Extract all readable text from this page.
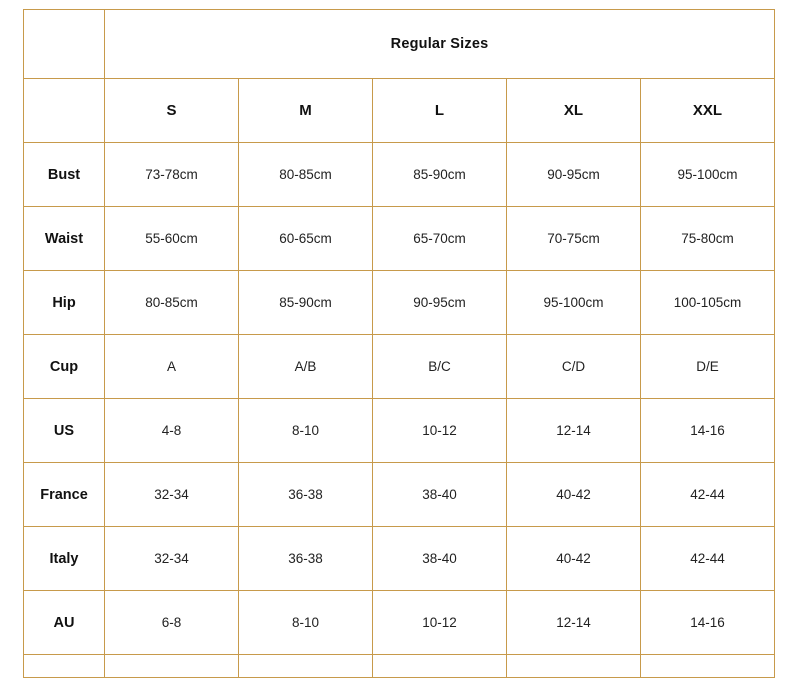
	Regular Sizes				
	S	M	L	XL	XXL
Bust	73-78cm	80-85cm	85-90cm	90-95cm	95-100cm
Waist	55-60cm	60-65cm	65-70cm	70-75cm	75-80cm
Hip	80-85cm	85-90cm	90-95cm	95-100cm	100-105cm
Cup	A	A/B	B/C	C/D	D/E
US	4-8	8-10	10-12	12-14	14-16
France	32-34	36-38	38-40	40-42	42-44
Italy	32-34	36-38	38-40	40-42	42-44
AU	6-8	8-10	10-12	12-14	14-16
